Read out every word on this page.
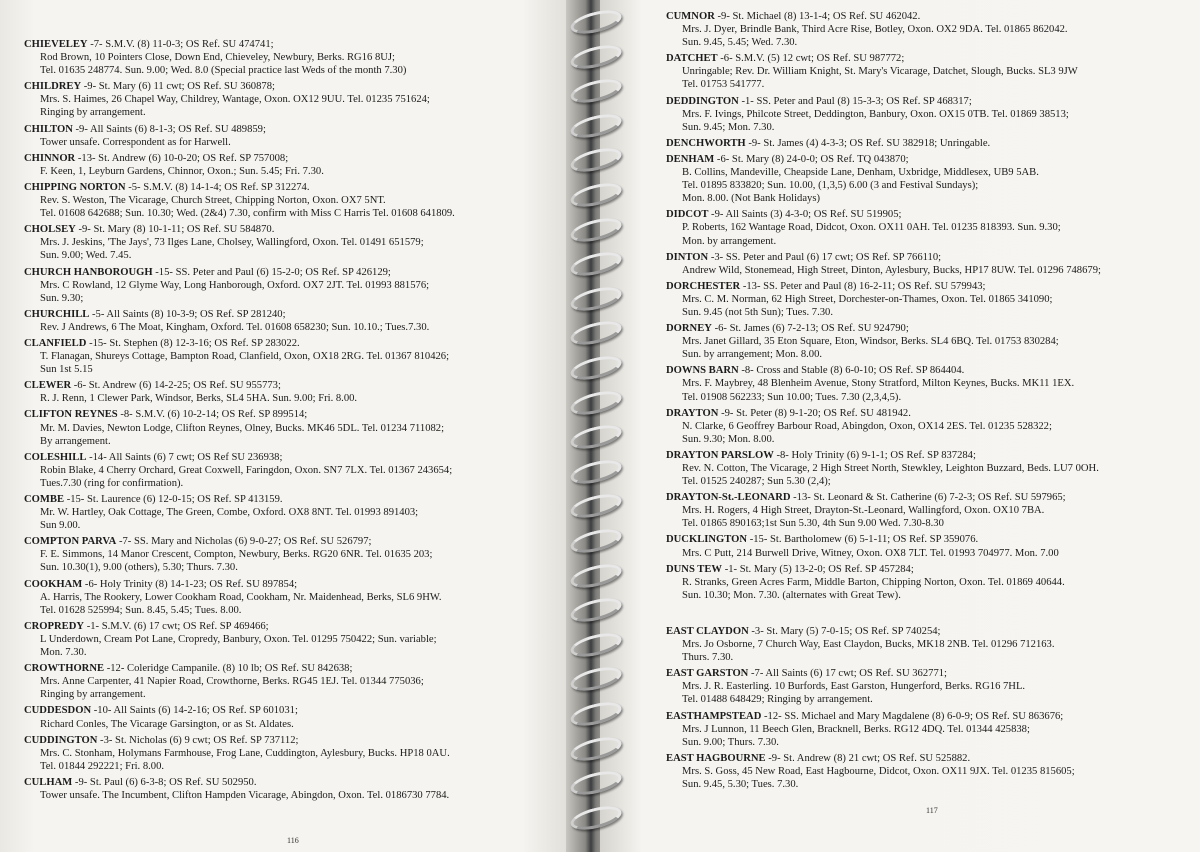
CHIEVELEY -7- S.M.V. (8) 11-0-3; OS Ref. SU 474741;
Rod Brown, 10 Pointers Close, Down End, Chieveley, Newbury, Berks. RG16 8UJ;
Tel. 01635 248774. Sun. 9.00; Wed. 8.0 (Special practice last Weds of the month 7.30)
CHILDREY -9- St. Mary (6) 11 cwt; OS Ref. SU 360878;
Mrs. S. Haimes, 26 Chapel Way, Childrey, Wantage, Oxon. OX12 9UU. Tel. 01235 751624;
Ringing by arrangement.
CHILTON -9- All Saints (6) 8-1-3; OS Ref. SU 489859;
Tower unsafe. Correspondent as for Harwell.
CHINNOR -13- St. Andrew (6) 10-0-20; OS Ref. SP 757008;
F. Keen, 1, Leyburn Gardens, Chinnor, Oxon.; Sun. 5.45; Fri. 7.30.
CHIPPING NORTON -5- S.M.V. (8) 14-1-4; OS Ref. SP 312274.
Rev. S. Weston, The Vicarage, Church Street, Chipping Norton, Oxon. OX7 5NT.
Tel. 01608 642688; Sun. 10.30; Wed. (2&4) 7.30, confirm with Miss C Harris Tel. 01608 641809.
CHOLSEY -9- St. Mary (8) 10-1-11; OS Ref. SU 584870.
Mrs. J. Jeskins, 'The Jays', 73 Ilges Lane, Cholsey, Wallingford, Oxon. Tel. 01491 651579;
Sun. 9.00; Wed. 7.45.
CHURCH HANBOROUGH -15- SS. Peter and Paul (6) 15-2-0; OS Ref. SP 426129;
Mrs. C Rowland, 12 Glyme Way, Long Hanborough, Oxford. OX7 2JT. Tel. 01993 881576;
Sun. 9.30;
CHURCHILL -5- All Saints (8) 10-3-9; OS Ref. SP 281240;
Rev. J Andrews, 6 The Moat, Kingham, Oxford. Tel. 01608 658230; Sun. 10.10.; Tues.7.30.
CLANFIELD -15- St. Stephen (8) 12-3-16; OS Ref. SP 283022.
T. Flanagan, Shureys Cottage, Bampton Road, Clanfield, Oxon, OX18 2RG. Tel. 01367 810426;
Sun 1st 5.15
CLEWER -6- St. Andrew (6) 14-2-25; OS Ref. SU 955773;
R. J. Renn, 1 Clewer Park, Windsor, Berks, SL4 5HA. Sun. 9.00; Fri. 8.00.
CLIFTON REYNES -8- S.M.V. (6) 10-2-14; OS Ref. SP 899514;
Mr. M. Davies, Newton Lodge, Clifton Reynes, Olney, Bucks. MK46 5DL. Tel. 01234 711082;
By arrangement.
COLESHILL -14- All Saints (6) 7 cwt; OS Ref SU 236938;
Robin Blake, 4 Cherry Orchard, Great Coxwell, Faringdon, Oxon. SN7 7LX. Tel. 01367 243654;
Tues.7.30 (ring for confirmation).
COMBE -15- St. Laurence (6) 12-0-15; OS Ref. SP 413159.
Mr. W. Hartley, Oak Cottage, The Green, Combe, Oxford. OX8 8NT. Tel. 01993 891403;
Sun 9.00.
COMPTON PARVA -7- SS. Mary and Nicholas (6) 9-0-27; OS Ref. SU 526797;
F. E. Simmons, 14 Manor Crescent, Compton, Newbury, Berks. RG20 6NR. Tel. 01635 203;
Sun. 10.30(1), 9.00 (others), 5.30; Thurs. 7.30.
COOKHAM -6- Holy Trinity (8) 14-1-23; OS Ref. SU 897854;
A. Harris, The Rookery, Lower Cookham Road, Cookham, Nr. Maidenhead, Berks, SL6 9HW.
Tel. 01628 525994; Sun. 8.45, 5.45; Tues. 8.00.
CROPREDY -1- S.M.V. (6) 17 cwt; OS Ref. SP 469466;
L Underdown, Cream Pot Lane, Cropredy, Banbury, Oxon. Tel. 01295 750422; Sun. variable;
Mon. 7.30.
CROWTHORNE -12- Coleridge Campanile. (8) 10 lb; OS Ref. SU 842638;
Mrs. Anne Carpenter, 41 Napier Road, Crowthorne, Berks. RG45 1EJ. Tel. 01344 775036;
Ringing by arrangement.
CUDDESDON -10- All Saints (6) 14-2-16; OS Ref. SP 601031;
Richard Conles, The Vicarage Garsington, or as St. Aldates.
CUDDINGTON -3- St. Nicholas (6) 9 cwt; OS Ref. SP 737112;
Mrs. C. Stonham, Holymans Farmhouse, Frog Lane, Cuddington, Aylesbury, Bucks. HP18 0AU.
Tel. 01844 292221; Fri. 8.00.
CULHAM -9- St. Paul (6) 6-3-8; OS Ref. SU 502950.
Tower unsafe. The Incumbent, Clifton Hampden Vicarage, Abingdon, Oxon. Tel. 0186730 7784.
116
CUMNOR -9- St. Michael (8) 13-1-4; OS Ref. SU 462042.
Mrs. J. Dyer, Brindle Bank, Third Acre Rise, Botley, Oxon. OX2 9DA. Tel. 01865 862042.
Sun. 9.45, 5.45; Wed. 7.30.
DATCHET -6- S.M.V. (5) 12 cwt; OS Ref. SU 987772;
Unringable; Rev. Dr. William Knight, St. Mary's Vicarage, Datchet, Slough, Bucks. SL3 9JW
Tel. 01753 541777.
DEDDINGTON -1- SS. Peter and Paul (8) 15-3-3; OS Ref. SP 468317;
Mrs. F. Ivings, Philcote Street, Deddington, Banbury, Oxon. OX15 0TB. Tel. 01869 38513;
Sun. 9.45; Mon. 7.30.
DENCHWORTH -9- St. James (4) 4-3-3; OS Ref. SU 382918; Unringable.
DENHAM -6- St. Mary (8) 24-0-0; OS Ref. TQ 043870;
B. Collins, Mandeville, Cheapside Lane, Denham, Uxbridge, Middlesex, UB9 5AB.
Tel. 01895 833820; Sun. 10.00, (1,3,5) 6.00 (3 and Festival Sundays);
Mon. 8.00. (Not Bank Holidays)
DIDCOT -9- All Saints (3) 4-3-0; OS Ref. SU 519905;
P. Roberts, 162 Wantage Road, Didcot, Oxon. OX11 0AH. Tel. 01235 818393. Sun. 9.30;
Mon. by arrangement.
DINTON -3- SS. Peter and Paul (6) 17 cwt; OS Ref. SP 766110;
Andrew Wild, Stonemead, High Street, Dinton, Aylesbury, Bucks, HP17 8UW. Tel. 01296 748679;
DORCHESTER -13- SS. Peter and Paul (8) 16-2-11; OS Ref. SU 579943;
Mrs. C. M. Norman, 62 High Street, Dorchester-on-Thames, Oxon. Tel. 01865 341090;
Sun. 9.45 (not 5th Sun); Tues. 7.30.
DORNEY -6- St. James (6) 7-2-13; OS Ref. SU 924790;
Mrs. Janet Gillard, 35 Eton Square, Eton, Windsor, Berks. SL4 6BQ. Tel. 01753 830284;
Sun. by arrangement; Mon. 8.00.
DOWNS BARN -8- Cross and Stable (8) 6-0-10; OS Ref. SP 864404.
Mrs. F. Maybrey, 48 Blenheim Avenue, Stony Stratford, Milton Keynes, Bucks. MK11 1EX.
Tel. 01908 562233; Sun 10.00; Tues. 7.30 (2,3,4,5).
DRAYTON -9- St. Peter (8) 9-1-20; OS Ref. SU 481942.
N. Clarke, 6 Geoffrey Barbour Road, Abingdon, Oxon, OX14 2ES. Tel. 01235 528322;
Sun. 9.30; Mon. 8.00.
DRAYTON PARSLOW -8- Holy Trinity (6) 9-1-1; OS Ref. SP 837284;
Rev. N. Cotton, The Vicarage, 2 High Street North, Stewkley, Leighton Buzzard, Beds. LU7 0OH.
Tel. 01525 240287; Sun 5.30 (2,4);
DRAYTON-St.-LEONARD -13- St. Leonard & St. Catherine (6) 7-2-3; OS Ref. SU 597965;
Mrs. H. Rogers, 4 High Street, Drayton-St.-Leonard, Wallingford, Oxon. OX10 7BA.
Tel. 01865 890163;1st Sun 5.30, 4th Sun 9.00 Wed. 7.30-8.30
DUCKLINGTON -15- St. Bartholomew (6) 5-1-11; OS Ref. SP 359076.
Mrs. C Putt, 214 Burwell Drive, Witney, Oxon. OX8 7LT. Tel. 01993 704977. Mon. 7.00
DUNS TEW -1- St. Mary (5) 13-2-0; OS Ref. SP 457284;
R. Stranks, Green Acres Farm, Middle Barton, Chipping Norton, Oxon. Tel. 01869 40644.
Sun. 10.30; Mon. 7.30. (alternates with Great Tew).
EAST CLAYDON -3- St. Mary (5) 7-0-15; OS Ref. SP 740254;
Mrs. Jo Osborne, 7 Church Way, East Claydon, Bucks, MK18 2NB. Tel. 01296 712163.
Thurs. 7.30.
EAST GARSTON -7- All Saints (6) 17 cwt; OS Ref. SU 362771;
Mrs. J. R. Easterling. 10 Burfords, East Garston, Hungerford, Berks. RG16 7HL.
Tel. 01488 648429; Ringing by arrangement.
EASTHAMPSTEAD -12- SS. Michael and Mary Magdalene (8) 6-0-9; OS Ref. SU 863676;
Mrs. J Lunnon, 11 Beech Glen, Bracknell, Berks. RG12 4DQ. Tel. 01344 425838;
Sun. 9.00; Thurs. 7.30.
EAST HAGBOURNE -9- St. Andrew (8) 21 cwt; OS Ref. SU 525882.
Mrs. S. Goss, 45 New Road, East Hagbourne, Didcot, Oxon. OX11 9JX. Tel. 01235 815605;
Sun. 9.45, 5.30; Tues. 7.30.
117
